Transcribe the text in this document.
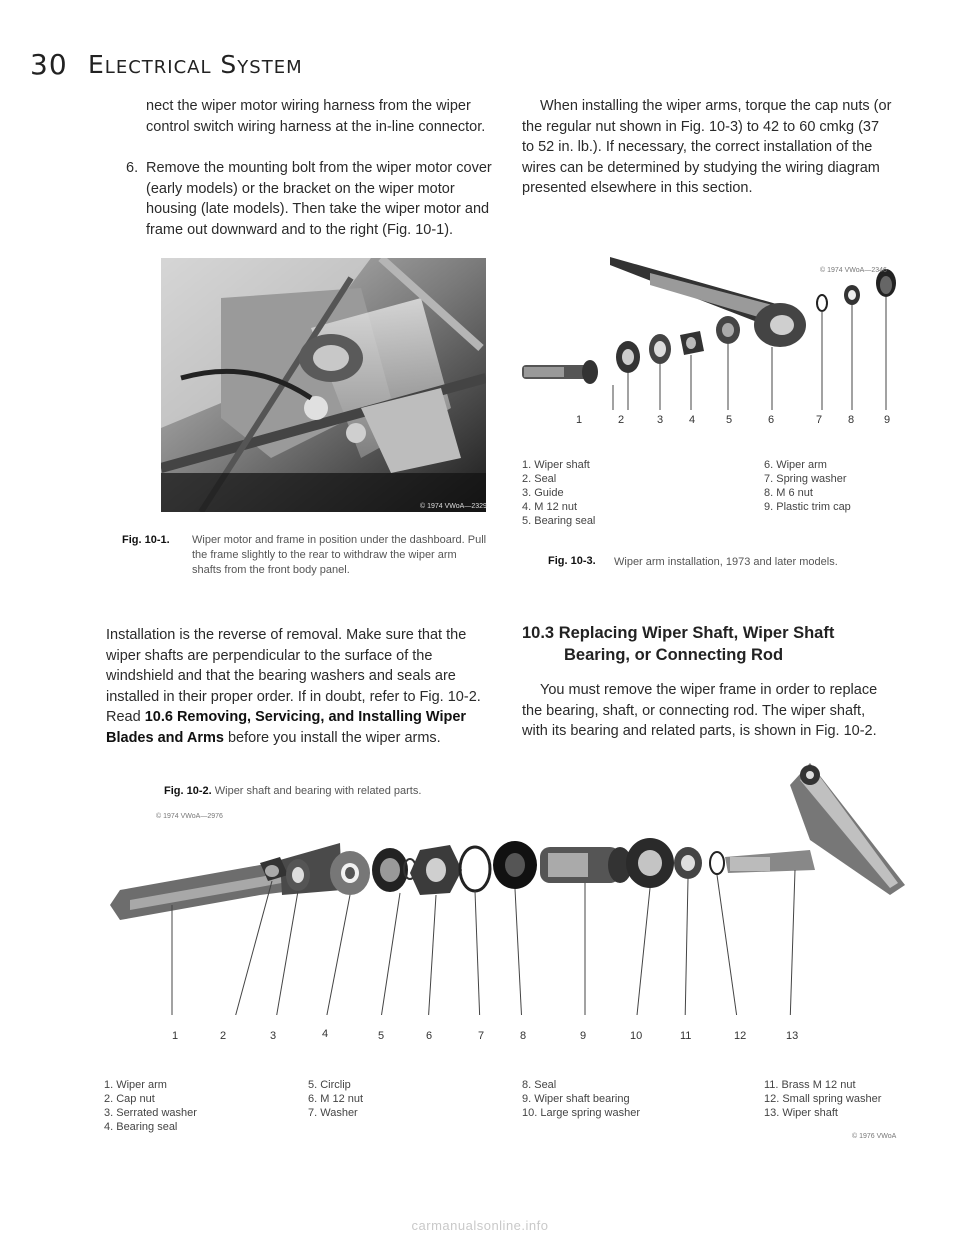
30 Electrical System
nect the wiper motor wiring harness from the wiper control switch wiring harness at the in-line connector.
6. Remove the mounting bolt from the wiper motor cover (early models) or the bracket on the wiper motor housing (late models). Then take the wiper motor and frame out downward and to the right (Fig. 10-1).
© 1974 VWoA—2329
Fig. 10-1. Wiper motor and frame in position under the dashboard. Pull the frame slightly to the rear to withdraw the wiper arm shafts from the front body panel.
Installation is the reverse of removal. Make sure that the wiper shafts are perpendicular to the surface of the windshield and that the bearing washers and seals are installed in their proper order. If in doubt, refer to Fig. 10-2. Read 10.6 Removing, Servicing, and Installing Wiper Blades and Arms before you install the wiper arms.
When installing the wiper arms, torque the cap nuts (or the regular nut shown in Fig. 10-3) to 42 to 60 cmkg (37 to 52 in. lb.). If necessary, the correct installation of the wires can be determined by studying the wiring diagram presented elsewhere in this section.
© 1974 VWoA—2346
1	2	3 4	5	6	7 8	9
1. Wiper shaft
2. Seal
3. Guide
4. M 12 nut
5. Bearing seal
6. Wiper arm
7. Spring washer
8. M 6 nut
9. Plastic trim cap
Fig. 10-3. Wiper arm installation, 1973 and later models.
10.3 Replacing Wiper Shaft, Wiper Shaft
Bearing, or Connecting Rod
You must remove the wiper frame in order to replace the bearing, shaft, or connecting rod. The wiper shaft, with its bearing and related parts, is shown in Fig. 10-2.
Fig. 10-2. Wiper shaft and bearing with related parts.
© 1974 VWoA—2976
1	2	3	4	5	6	7	8	9	10	11	12	13
1. Wiper arm
2. Cap nut
3. Serrated washer
4. Bearing seal
5. Circlip
6. M 12 nut
7. Washer
8. Seal
9. Wiper shaft bearing
10. Large spring washer
11. Brass M 12 nut
12. Small spring washer
13. Wiper shaft
© 1976 VWoA
carmanualsonline.info
